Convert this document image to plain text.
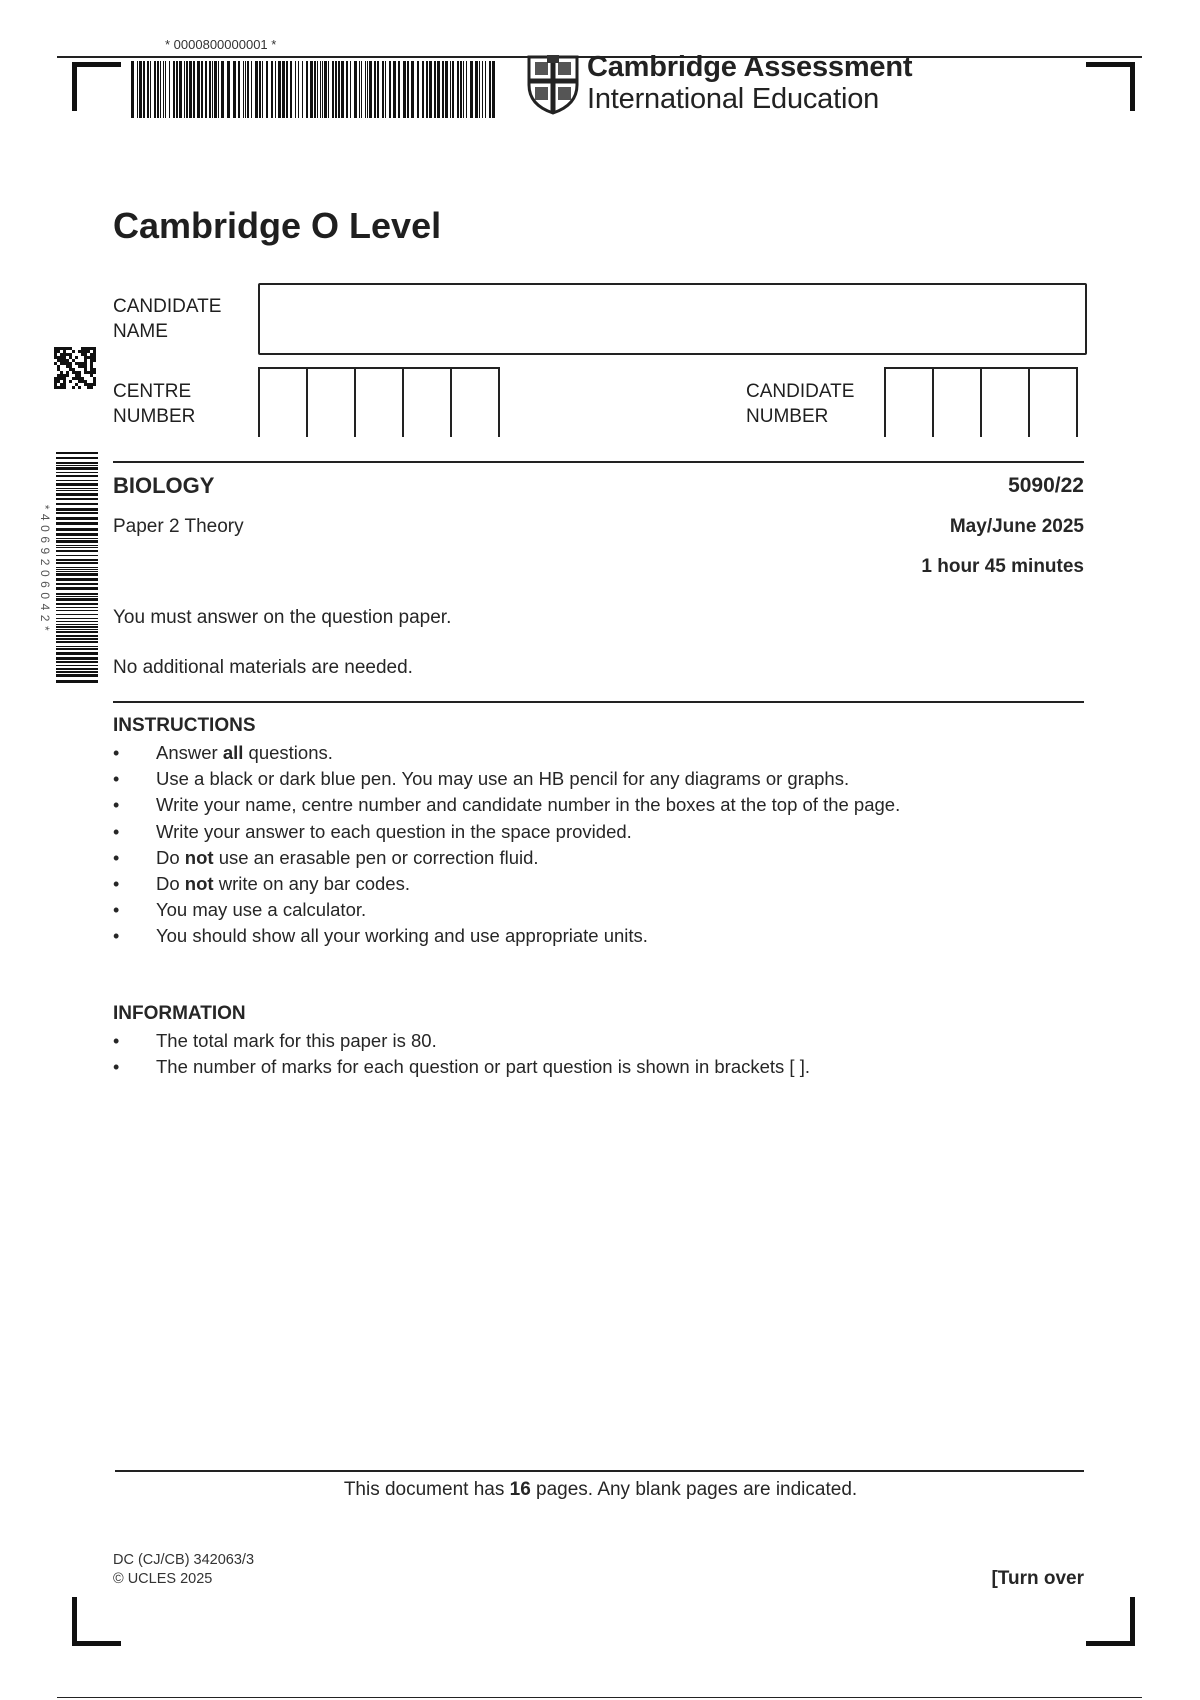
* 0000800000001 *
Cambridge Assessment
International Education
Cambridge O Level
CANDIDATE
NAME
CENTRE
NUMBER
CANDIDATE
NUMBER
* 4 0 6 9 2 0 6 0 4 2 *
BIOLOGY	5090/22
Paper 2 Theory	May/June 2025
1 hour 45 minutes
You must answer on the question paper.
No additional materials are needed.
INSTRUCTIONS
• Answer all questions.
• Use a black or dark blue pen. You may use an HB pencil for any diagrams or graphs.
• Write your name, centre number and candidate number in the boxes at the top of the page.
• Write your answer to each question in the space provided.
• Do not use an erasable pen or correction fluid.
• Do not write on any bar codes.
• You may use a calculator.
• You should show all your working and use appropriate units.
INFORMATION
• The total mark for this paper is 80.
• The number of marks for each question or part question is shown in brackets [ ].
This document has 16 pages. Any blank pages are indicated.
DC (CJ/CB) 342063/3
© UCLES 2025	[Turn over
